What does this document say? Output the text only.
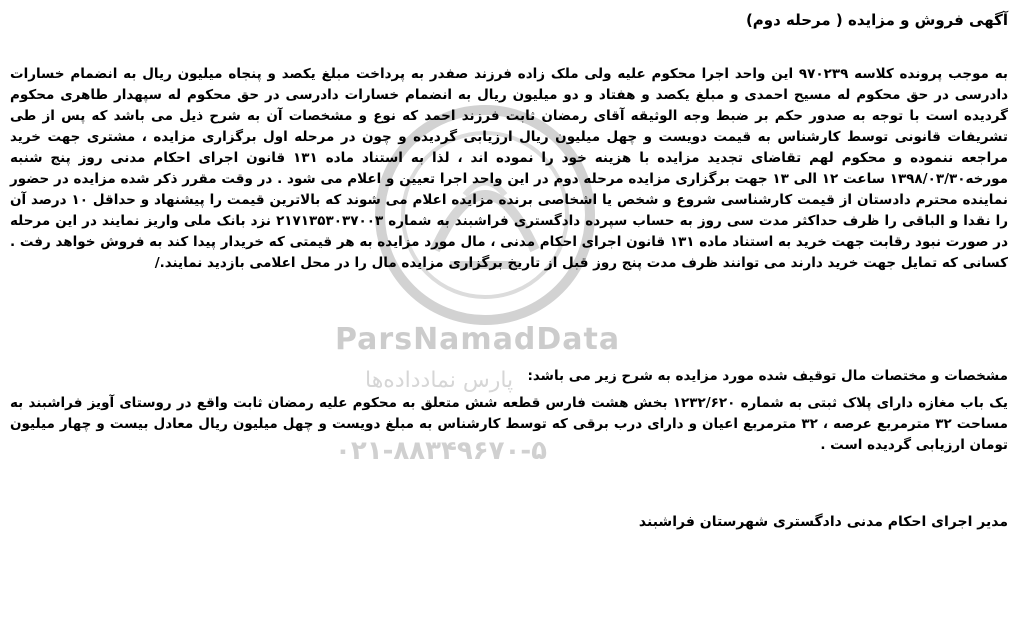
ParsNamadData
پارس نمادداده‌ها
۰۲۱-۸۸۳۴۹۶۷۰-۵
آگهی فروش و مزایده ( مرحله دوم)

به موجب پرونده کلاسه ۹۷۰۲۳۹ این واحد اجرا محکوم علیه ولی ملک زاده فرزند صفدر به پرداخت مبلغ یکصد و پنجاه میلیون ریال به انضمام خسارات دادرسی در حق محکوم له مسیح احمدی و مبلغ یکصد و هفتاد و دو میلیون ریال به انضمام خسارات دادرسی در حق محکوم له سپهدار طاهری محکوم گردیده است با توجه به صدور حکم بر ضبط وجه الوثیقه آقای رمضان ثابت فرزند احمد که نوع و مشخصات آن به شرح ذیل می باشد که پس از طی تشریفات قانونی توسط کارشناس به قیمت دویست و چهل میلیون ریال ارزیابی گردیده و چون در مرحله اول برگزاری مزایده ، مشتری جهت خرید مراجعه ننموده و محکوم لهم تقاضای تجدید مزایده با هزینه خود را نموده اند ، لذا به استناد ماده ۱۳۱ قانون اجرای احکام مدنی روز پنج شنبه مورخه۱۳۹۸/۰۳/۳۰ ساعت ۱۲ الی ۱۳ جهت برگزاری مزایده مرحله دوم در این واحد اجرا تعیین و اعلام می شود . در وقت مقرر ذکر شده مزایده در حضور نماینده محترم دادستان از قیمت کارشناسی شروع و شخص یا اشخاصی برنده مزایده اعلام می شوند که بالاترین قیمت را پیشنهاد و حداقل ۱۰ درصد آن را نقدا و الباقی را ظرف حداکثر مدت سی روز به حساب سپرده دادگستری فراشبند به شماره ۲۱۷۱۳۵۳۰۳۷۰۰۳ نزد بانک ملی واریز نمایند در این مرحله در صورت نبود رقابت جهت خرید به استناد ماده ۱۳۱ قانون اجرای احکام مدنی ، مال مورد مزایده به هر قیمتی که خریدار پیدا کند به فروش خواهد رفت . کسانی که تمایل جهت خرید دارند می توانند ظرف مدت پنج روز قبل از تاریخ برگزاری مزایده مال را در محل اعلامی بازدید نمایند./

مشخصات و مختصات مال توقیف شده مورد مزایده به شرح زیر می باشد:

یک باب مغازه دارای پلاک ثبتی به شماره ۱۲۳۲/۶۲۰ بخش هشت فارس قطعه شش متعلق به محکوم علیه رمضان ثابت واقع در روستای آویز فراشبند به مساحت ۳۲ مترمربع عرصه ، ۳۲ مترمربع اعیان و دارای درب برقی که توسط کارشناس به مبلغ دویست و چهل میلیون ریال معادل بیست و چهار میلیون تومان ارزیابی گردیده است .

مدیر اجرای احکام مدنی دادگستری شهرستان فراشبند
